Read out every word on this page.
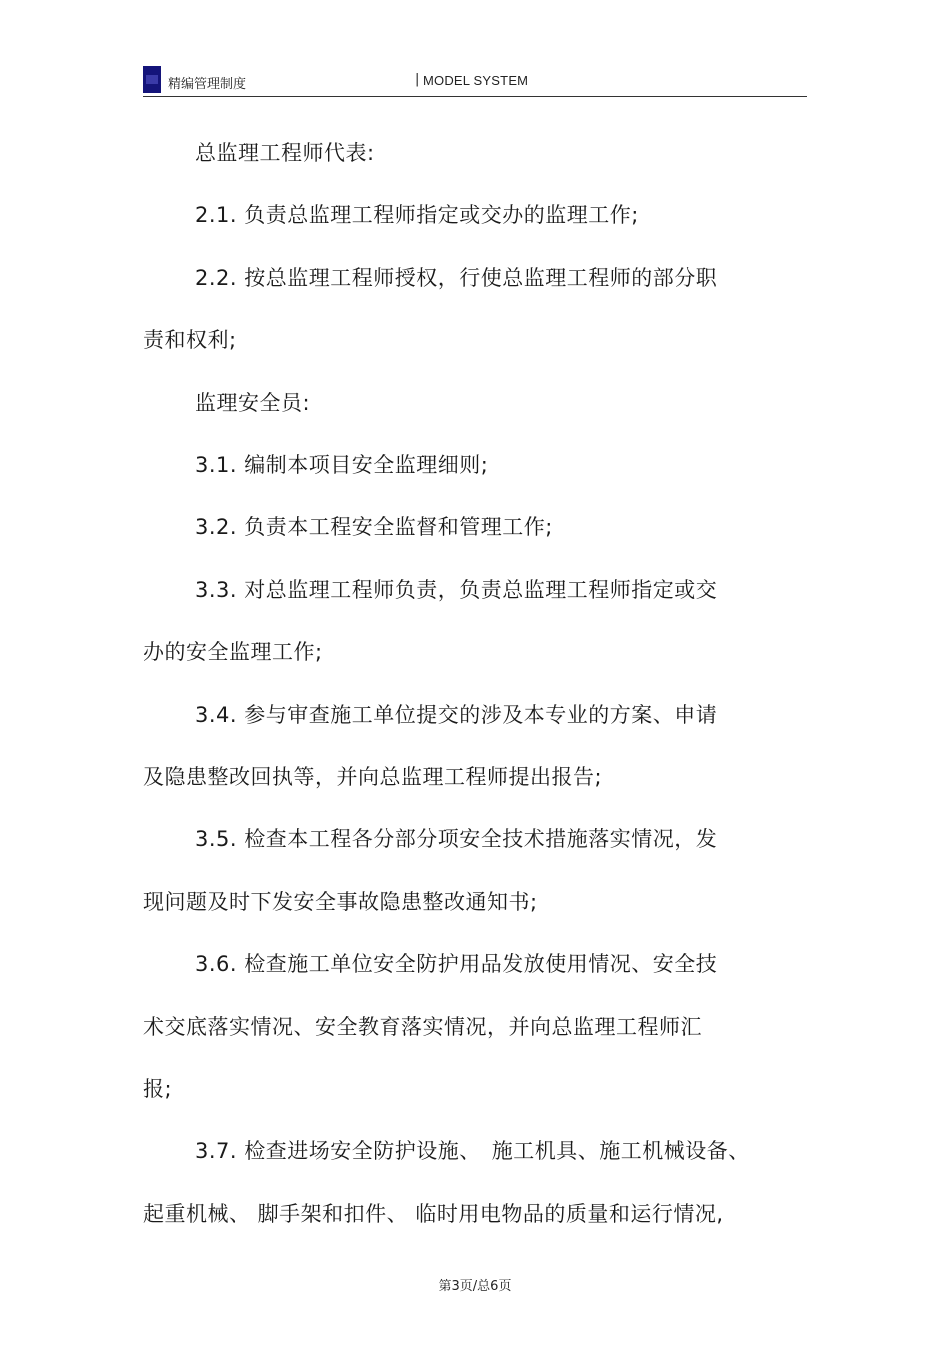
精编管理制度	| MODEL SYSTEM
总监理工程师代表:
2.1. 负责总监理工程师指定或交办的监理工作;
2.2. 按总监理工程师授权，行使总监理工程师的部分职
责和权利;
监理安全员:
3.1. 编制本项目安全监理细则;
3.2. 负责本工程安全监督和管理工作;
3.3. 对总监理工程师负责，负责总监理工程师指定或交
办的安全监理工作;
3.4. 参与审查施工单位提交的涉及本专业的方案、申请
及隐患整改回执等，并向总监理工程师提出报告;
3.5. 检查本工程各分部分项安全技术措施落实情况，发
现问题及时下发安全事故隐患整改通知书;
3.6. 检查施工单位安全防护用品发放使用情况、安全技
术交底落实情况、安全教育落实情况，并向总监理工程师汇
报;
3.7. 检查进场安全防护设施、　施工机具、施工机械设备、
起重机械、 脚手架和扣件、 临时用电物品的质量和运行情况,
第3页/总6页
